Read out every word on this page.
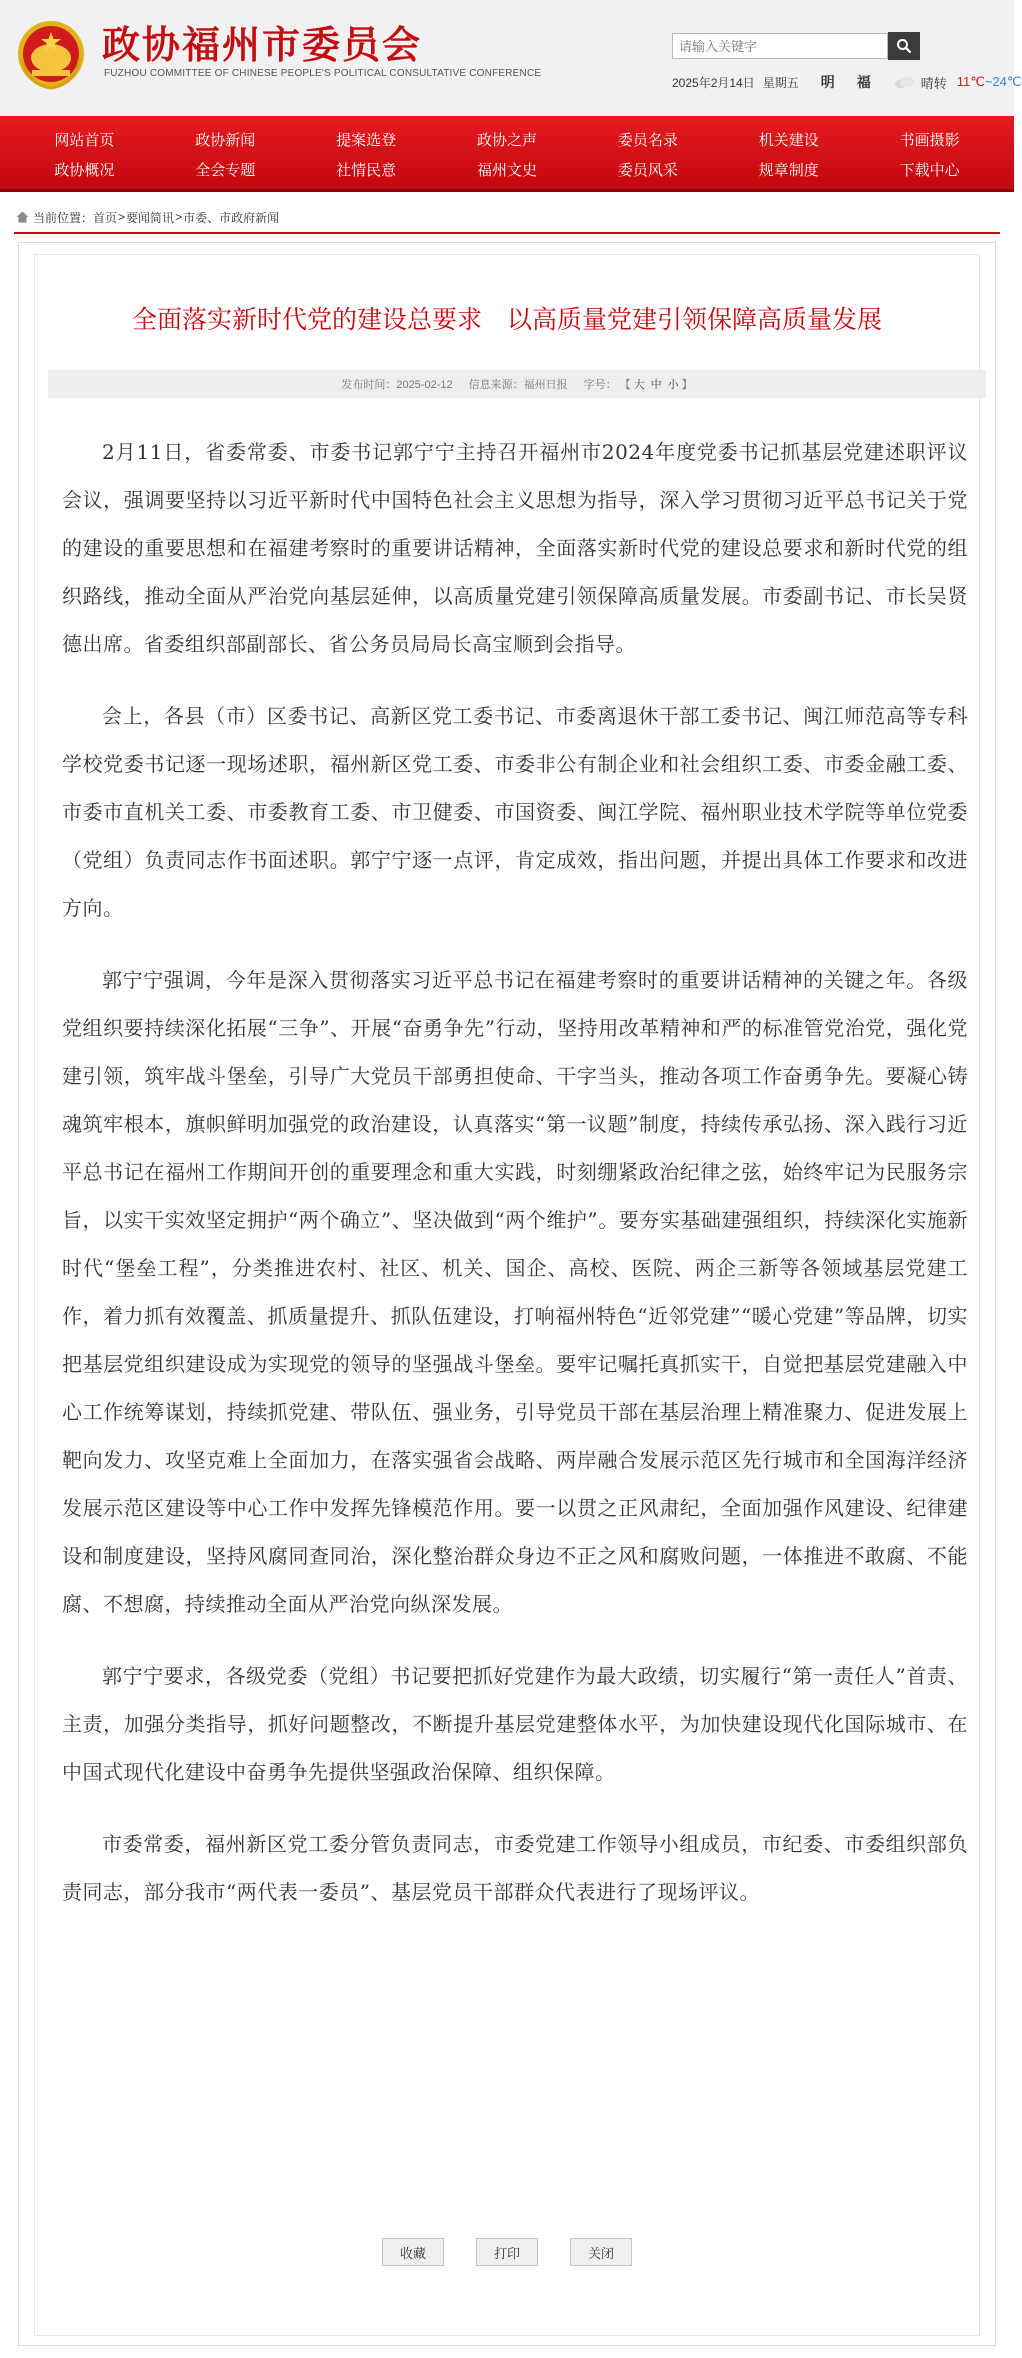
政协福州市委员会
FUZHOU COMMITTEE OF CHINESE PEOPLE'S POLITICAL CONSULTATIVE CONFERENCE
请输入关键字
2025年2月14日 星期五 明 福	晴转 11℃~24℃
网站首页	政协新闻	提案选登	政协之声	委员名录	机关建设	书画摄影
政协概况	全会专题	社情民意	福州文史	委员风采	规章制度	下载中心
当前位置： 首页 > 要闻简讯 > 市委、市政府新闻
全面落实新时代党的建设总要求　以高质量党建引领保障高质量发展
发布时间：2025-02-12 信息来源：福州日报 字号： 【 大 中 小 】

2月11日，省委常委、市委书记郭宁宁主持召开福州市2024年度党委书记抓基层党建述职评议会议，强调要坚持以习近平新时代中国特色社会主义思想为指导，深入学习贯彻习近平总书记关于党的建设的重要思想和在福建考察时的重要讲话精神，全面落实新时代党的建设总要求和新时代党的组织路线，推动全面从严治党向基层延伸，以高质量党建引领保障高质量发展。市委副书记、市长吴贤德出席。省委组织部副部长、省公务员局局长高宝顺到会指导。

会上，各县（市）区委书记、高新区党工委书记、市委离退休干部工委书记、闽江师范高等专科学校党委书记逐一现场述职，福州新区党工委、市委非公有制企业和社会组织工委、市委金融工委、市委市直机关工委、市委教育工委、市卫健委、市国资委、闽江学院、福州职业技术学院等单位党委（党组）负责同志作书面述职。郭宁宁逐一点评，肯定成效，指出问题，并提出具体工作要求和改进方向。

郭宁宁强调，今年是深入贯彻落实习近平总书记在福建考察时的重要讲话精神的关键之年。各级党组织要持续深化拓展“三争”、开展“奋勇争先”行动，坚持用改革精神和严的标准管党治党，强化党建引领，筑牢战斗堡垒，引导广大党员干部勇担使命、干字当头，推动各项工作奋勇争先。要凝心铸魂筑牢根本，旗帜鲜明加强党的政治建设，认真落实“第一议题”制度，持续传承弘扬、深入践行习近平总书记在福州工作期间开创的重要理念和重大实践，时刻绷紧政治纪律之弦，始终牢记为民服务宗旨，以实干实效坚定拥护“两个确立”、坚决做到“两个维护”。要夯实基础建强组织，持续深化实施新时代“堡垒工程”，分类推进农村、社区、机关、国企、高校、医院、两企三新等各领域基层党建工作，着力抓有效覆盖、抓质量提升、抓队伍建设，打响福州特色“近邻党建”“暖心党建”等品牌，切实把基层党组织建设成为实现党的领导的坚强战斗堡垒。要牢记嘱托真抓实干，自觉把基层党建融入中心工作统筹谋划，持续抓党建、带队伍、强业务，引导党员干部在基层治理上精准聚力、促进发展上靶向发力、攻坚克难上全面加力，在落实强省会战略、两岸融合发展示范区先行城市和全国海洋经济发展示范区建设等中心工作中发挥先锋模范作用。要一以贯之正风肃纪，全面加强作风建设、纪律建设和制度建设，坚持风腐同查同治，深化整治群众身边不正之风和腐败问题，一体推进不敢腐、不能腐、不想腐，持续推动全面从严治党向纵深发展。

郭宁宁要求，各级党委（党组）书记要把抓好党建作为最大政绩，切实履行“第一责任人”首责、主责，加强分类指导，抓好问题整改，不断提升基层党建整体水平，为加快建设现代化国际城市、在中国式现代化建设中奋勇争先提供坚强政治保障、组织保障。

市委常委，福州新区党工委分管负责同志，市委党建工作领导小组成员，市纪委、市委组织部负责同志，部分我市“两代表一委员”、基层党员干部群众代表进行了现场评议。

收藏	打印	关闭
